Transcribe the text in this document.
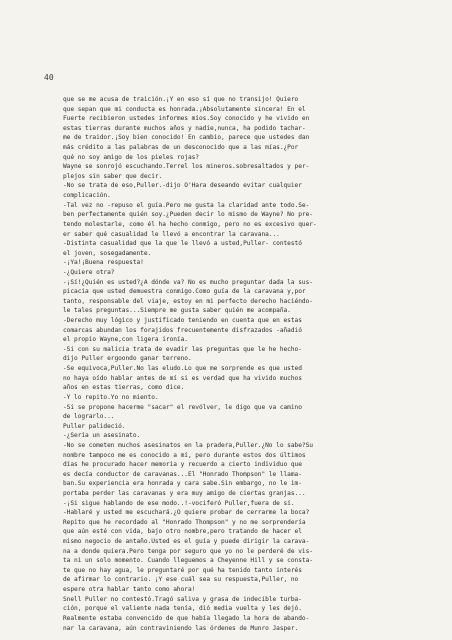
40
que se me acusa de traición.¡Y en eso sí que no transijo! Quiero
que sepan que mi conducta es honrada.¡Absolutamente sincera! En el
Fuerte recibieron ustedes informes míos.Soy conocido y he vivido en
estas tierras durante muchos años y nadie,nunca, ha podido tachar-
me de traidor.¡Soy bien conocido! En cambio, parece que ustedes dan
más crédito a las palabras de un desconocido que a las mías.¿Por
qué no soy amigo de los pieles rojas?
Wayne se sonrojó escuchando.Terrel los mineros.sobresaltados y per-
plejos sin saber que decir.
-No se trata de eso,Puller.-dijo O'Hara deseando evitar cualquier
complicación.
-Tal vez no -repuso el guía.Pero me gusta la claridad ante todo.Se-
ben perfectamente quién soy.¿Pueden decir lo mismo de Wayne? No pre-
tendo molestarle, como él ha hecho conmigo, pero no es excesivo quer-
er saber qué casualidad le llevó a encontrar la caravana...
-Distinta casualidad que la que le llevó a usted,Puller- contestó
el joven, sosegadamente.
-¡Ya!¡Buena respuesta!
-¿Quiere otra?
-¡Sí!¿Quién es usted?¿A dónde va? No es mucho preguntar dada la sus-
picacia que usted demuestra conmigo.Como guía de la caravana y,por
tanto, responsable del viaje, estoy en mi perfecto derecho haciéndo-
le tales preguntas...Siempre me gusta saber quién me acompaña.
-Derecho muy lógico y justificado teniendo en cuenta que en estas
comarcas abundan los forajidos frecuentemente disfrazados -añadió
el propio Wayne,con ligera ironía.
-Si con su malicia trata de evadir las preguntas que le he hecho-
dijo Puller ergoondo ganar terreno.
-Se equivoca,Puller.No las eludo.Lo que me sorprende es que usted
no haya oído hablar antes de mí si es verdad que ha vivido muchos
años en estas tierras, como dice.
-Y lo repito.Yo no miento.
-Si se propone hacerme "sacar" el revólver, le digo que va camino
de lograrlo...
Puller palideció.
-¿Sería un asesinato.
-No se cometen muchos asesinatos en la pradera,Puller.¿No lo sabe?Su
nombre tampoco me es conocido a mí, pero durante estos dos últimos
días he procurado hacer memoria y recuerdo a cierto individuo que
es decía conductor de caravanas...El "Honrado Thompson" le llama-
ban.Su experiencia era honrada y cara sabe.Sin embargo, no le im-
portaba perder las caravanas y era muy amigo de ciertas granjas...
-¡Si sigue hablando de ese modo..!-vociferó Puller,fuera de sí.
-Hablaré y usted me escuchará.¿O quiere probar de cerrarme la boca?
Repito que he recordado al "Honrado Thompson" y no me sorprendería
que aún esté con vida, bajo otro nombre,pero tratando de hacer el
mismo negocio de antaño.Usted es el guía y puede dirigir la carava-
na a donde quiera.Pero tenga por seguro que yo no le perderé de vis-
ta ni un solo momento. Cuando lleguemos a Cheyenne Hill y se consta-
te que no hay agua, le preguntaré por qué ha tenido tanto interés
de afirmar lo contrario. ¡Y ese cuál sea su respuesta,Puller, no
espere otra hablar tanto como ahora!
Snell Puller no contestó.Tragó saliva y grasa de indecible turba-
ción, porque el valiente nada tenía, dió media vuelta y les dejó.
Realmente estaba convencido de que había llegado la hora de abando-
nar la caravana, aún contraviniendo las órdenes de Munro Jasper.
